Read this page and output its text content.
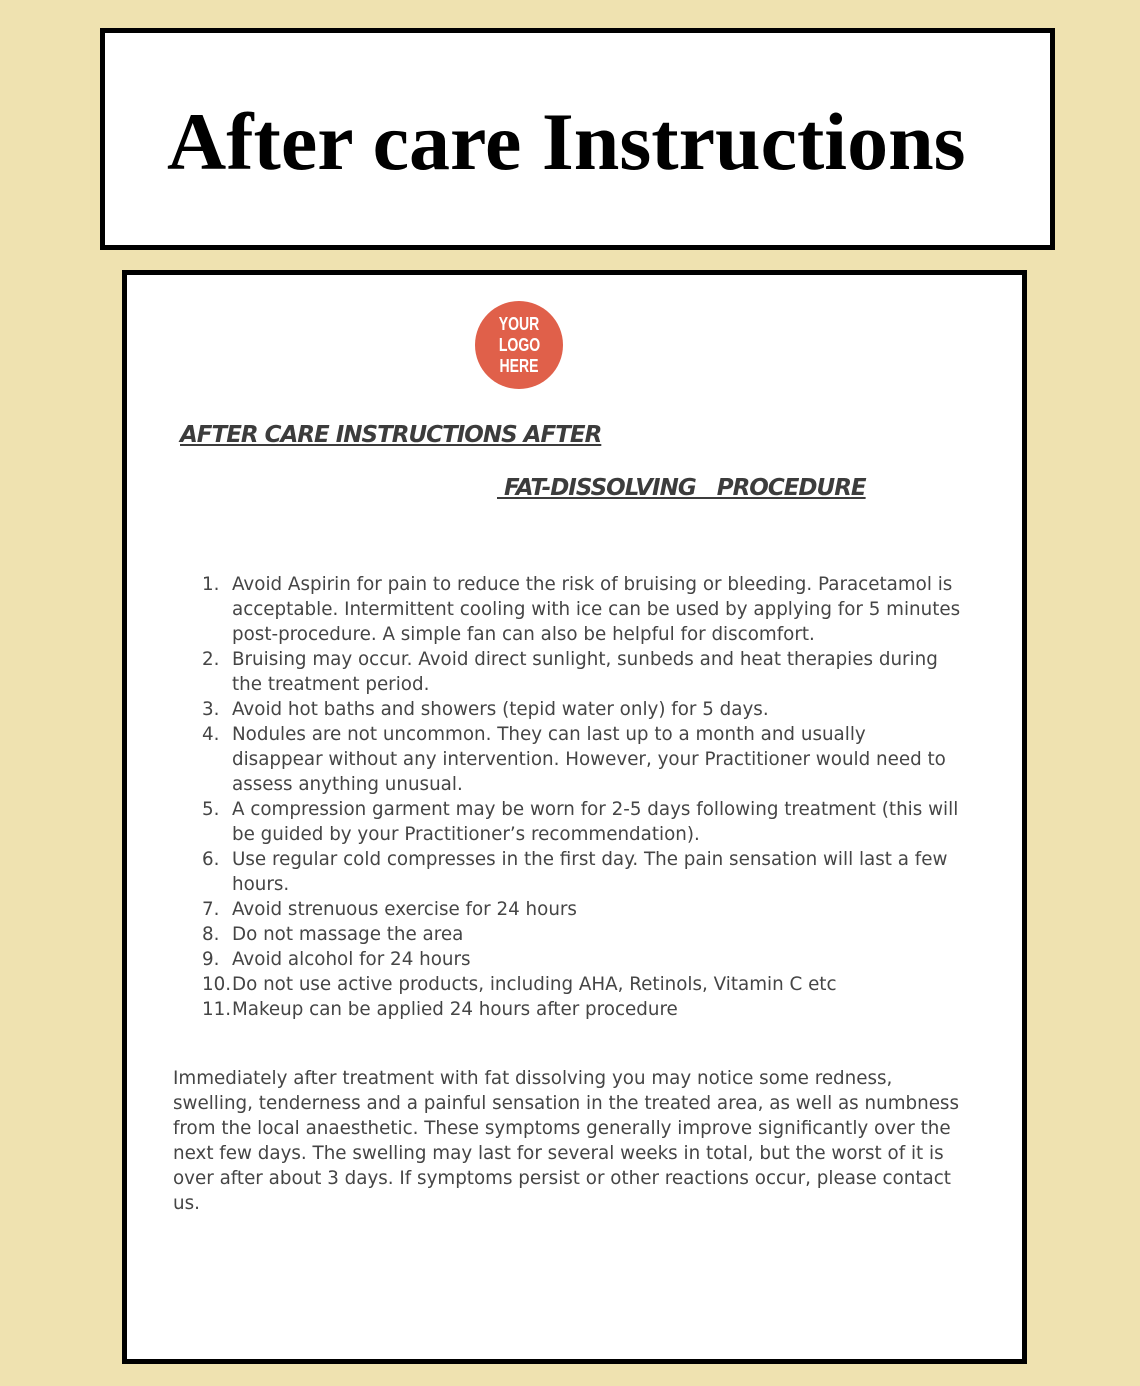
After care Instructions
YOUR
LOGO
HERE
AFTER CARE INSTRUCTIONS AFTER
FAT-DISSOLVING   PROCEDURE
1. Avoid Aspirin for pain to reduce the risk of bruising or bleeding. Paracetamol is acceptable. Intermittent cooling with ice can be used by applying for 5 minutes post-procedure. A simple fan can also be helpful for discomfort.
2. Bruising may occur. Avoid direct sunlight, sunbeds and heat therapies during the treatment period.
3. Avoid hot baths and showers (tepid water only) for 5 days.
4. Nodules are not uncommon. They can last up to a month and usually disappear without any intervention. However, your Practitioner would need to assess anything unusual.
5. A compression garment may be worn for 2-5 days following treatment (this will be guided by your Practitioner’s recommendation).
6. Use regular cold compresses in the first day. The pain sensation will last a few hours.
7. Avoid strenuous exercise for 24 hours
8. Do not massage the area
9. Avoid alcohol for 24 hours
10. Do not use active products, including AHA, Retinols, Vitamin C etc
11. Makeup can be applied 24 hours after procedure

Immediately after treatment with fat dissolving you may notice some redness, swelling, tenderness and a painful sensation in the treated area, as well as numbness from the local anaesthetic. These symptoms generally improve significantly over the next few days. The swelling may last for several weeks in total, but the worst of it is over after about 3 days. If symptoms persist or other reactions occur, please contact us.
